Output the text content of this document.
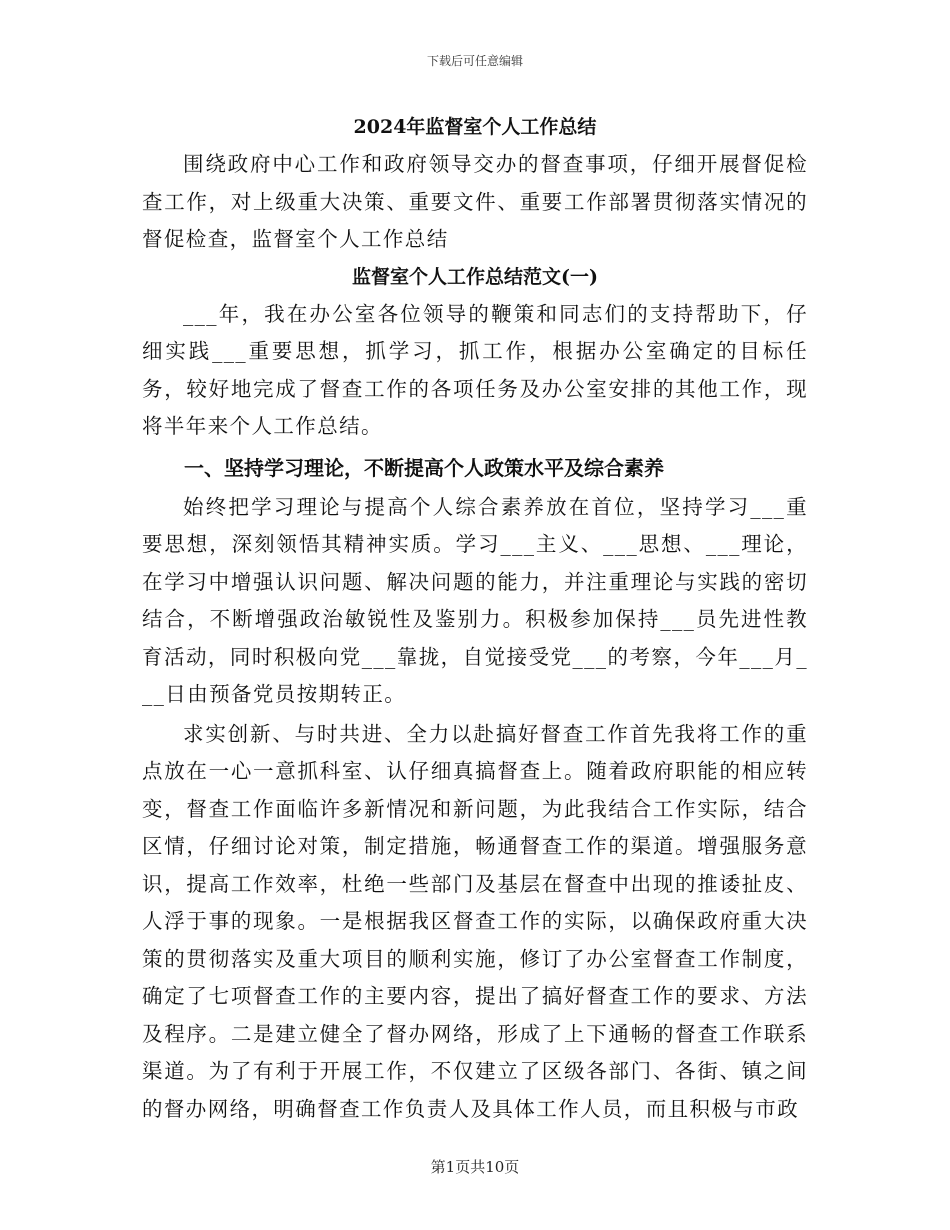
下载后可任意编辑

2024年监督室个人工作总结

围绕政府中心工作和政府领导交办的督查事项，仔细开展督促检查工作，对上级重大决策、重要文件、重要工作部署贯彻落实情况的督促检查，监督室个人工作总结

监督室个人工作总结范文(一)

___年，我在办公室各位领导的鞭策和同志们的支持帮助下，仔细实践___重要思想，抓学习，抓工作，根据办公室确定的目标任务，较好地完成了督查工作的各项任务及办公室安排的其他工作，现将半年来个人工作总结。

一、坚持学习理论，不断提高个人政策水平及综合素养

始终把学习理论与提高个人综合素养放在首位，坚持学习___重要思想，深刻领悟其精神实质。学习___主义、___思想、___理论，在学习中增强认识问题、解决问题的能力，并注重理论与实践的密切结合，不断增强政治敏锐性及鉴别力。积极参加保持___员先进性教育活动，同时积极向党___靠拢，自觉接受党___的考察，今年___月___日由预备党员按期转正。

求实创新、与时共进、全力以赴搞好督查工作首先我将工作的重点放在一心一意抓科室、认仔细真搞督查上。随着政府职能的相应转变，督查工作面临许多新情况和新问题，为此我结合工作实际，结合区情，仔细讨论对策，制定措施，畅通督查工作的渠道。增强服务意识，提高工作效率，杜绝一些部门及基层在督查中出现的推诿扯皮、人浮于事的现象。一是根据我区督查工作的实际，以确保政府重大决策的贯彻落实及重大项目的顺利实施，修订了办公室督查工作制度，确定了七项督查工作的主要内容，提出了搞好督查工作的要求、方法及程序。二是建立健全了督办网络，形成了上下通畅的督查工作联系渠道。为了有利于开展工作，不仅建立了区级各部门、各街、镇之间的督办网络，明确督查工作负责人及具体工作人员，而且积极与市政

第1页共10页
